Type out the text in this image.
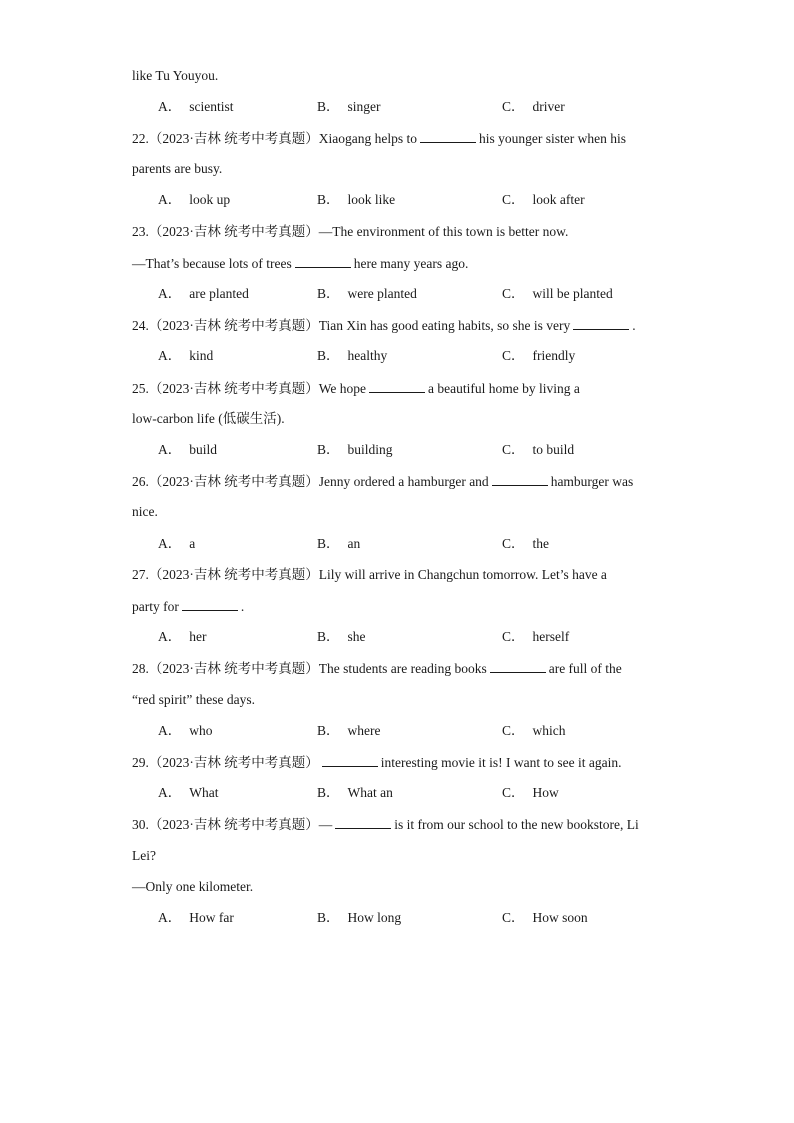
like Tu Youyou.
A． scientist	B． singer	C． driver
22.（2023·吉林 统考中考真题）Xiaogang helps to	his younger sister when his
parents are busy.
A． look up	B． look like	C． look after
23.（2023·吉林 统考中考真题）—The environment of this town is better now.
—That’s because lots of trees	here many years ago.
A． are planted	B． were planted	C． will be planted
24.（2023·吉林 统考中考真题）Tian Xin has good eating habits, so she is very	.
A． kind	B． healthy	C． friendly
25.（2023·吉林 统考中考真题）We hope	a beautiful home by living a
low-carbon life (低碳生活).
A． build	B． building	C． to build
26.（2023·吉林 统考中考真题）Jenny ordered a hamburger and	hamburger was
nice.
A． a	B． an	C． the
27.（2023·吉林 统考中考真题）Lily will arrive in Changchun tomorrow. Let’s have a
party for	.
A． her	B． she	C． herself
28.（2023·吉林 统考中考真题）The students are reading books	are full of the
“red spirit” these days.
A． who	B． where	C． which
29.（2023·吉林 统考中考真题）	interesting movie it is! I want to see it again.
A． What	B． What an	C． How
30.（2023·吉林 统考中考真题）—	is it from our school to the new bookstore, Li
Lei?
—Only one kilometer.
A． How far	B． How long	C． How soon
